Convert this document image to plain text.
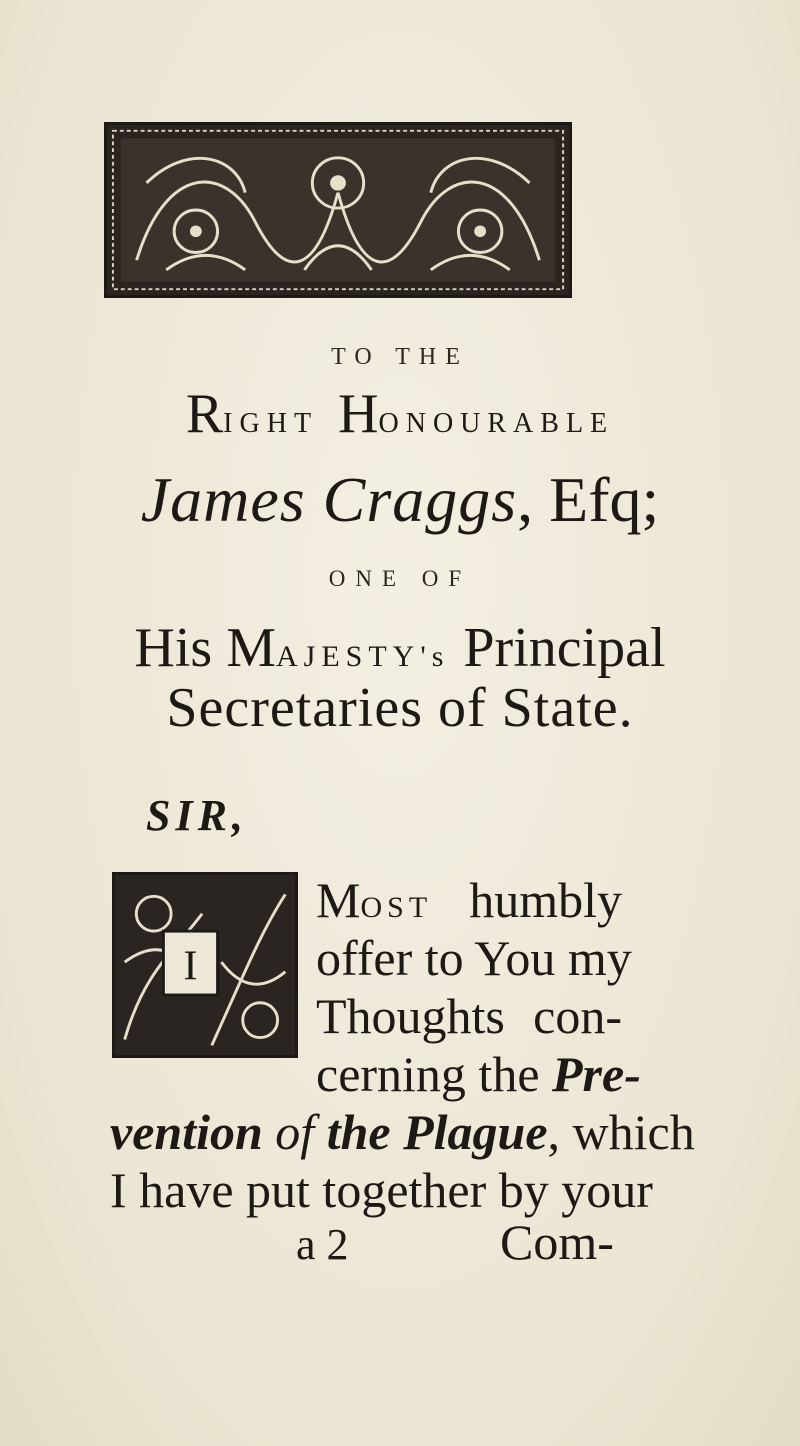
TO THE
RIGHT HONOURABLE
James Craggs, Efq;
ONE OF
His MAJESTY's Principal
Secretaries of State.
SIR,
I
MOST humbly
offer to You my
Thoughts con-
cerning the Pre-
vention of the Plague, which
I have put together by your
a 2	Com-
